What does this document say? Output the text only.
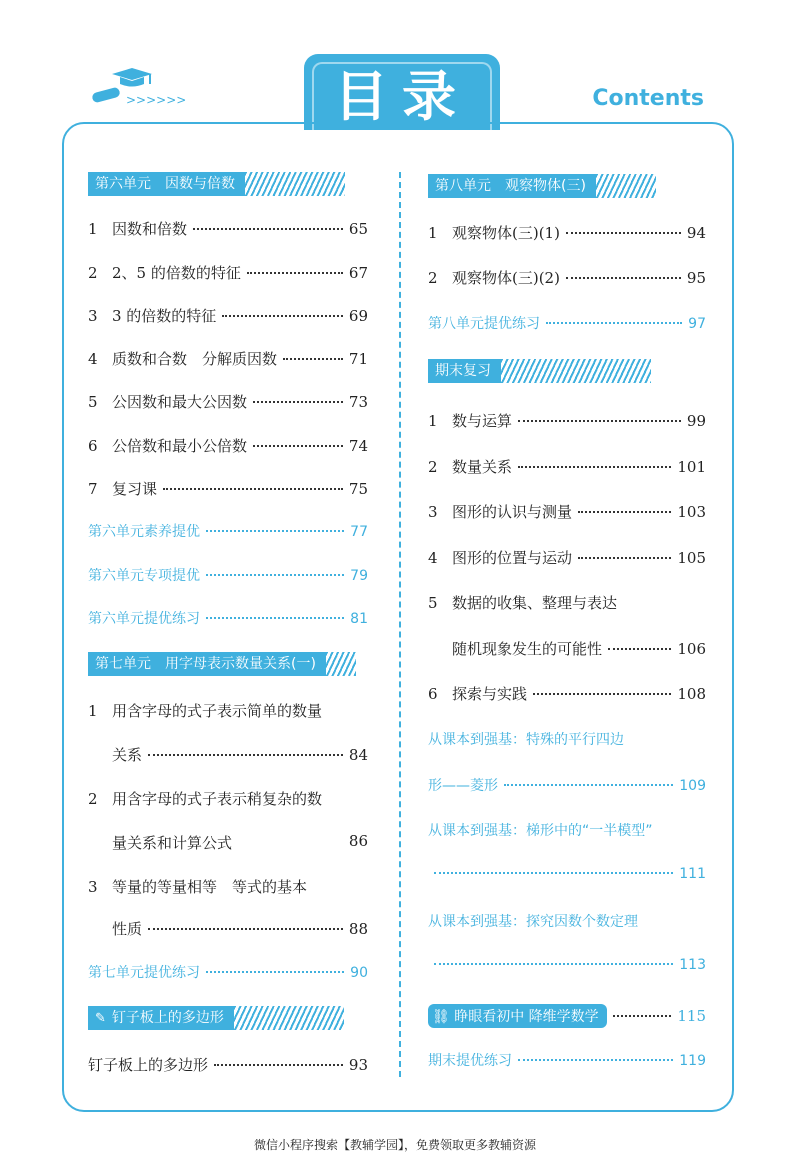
>>>>>>	目录	Contents
第六单元　因数与倍数
1 因数和倍数	65
2 2、5 的倍数的特征	67
3 3 的倍数的特征	69
4 质数和合数　分解质因数	71
5 公因数和最大公因数	73
6 公倍数和最小公倍数	74
7 复习课	75
第六单元素养提优	77
第六单元专项提优	79
第六单元提优练习	81
第七单元　用字母表示数量关系(一)
1 用含字母的式子表示简单的数量
关系	84
2 用含字母的式子表示稍复杂的数
量关系和计算公式	86
3 等量的等量相等　等式的基本
性质	88
第七单元提优练习	90
✎ 钉子板上的多边形
钉子板上的多边形	93
第八单元　观察物体(三)
1 观察物体(三)(1)	94
2 观察物体(三)(2)	95
第八单元提优练习	97
期末复习
1 数与运算	99
2 数量关系	101
3 图形的认识与测量	103
4 图形的位置与运动	105
5 数据的收集、整理与表达
随机现象发生的可能性	106
6 探索与实践	108
从课本到强基：特殊的平行四边
形——菱形	109
从课本到强基：梯形中的“一半模型”
111
从课本到强基：探究因数个数定理
113
⛓ 睁眼看初中 降维学数学	115
期末提优练习	119
微信小程序搜索【教辅学园】，免费领取更多教辅资源
